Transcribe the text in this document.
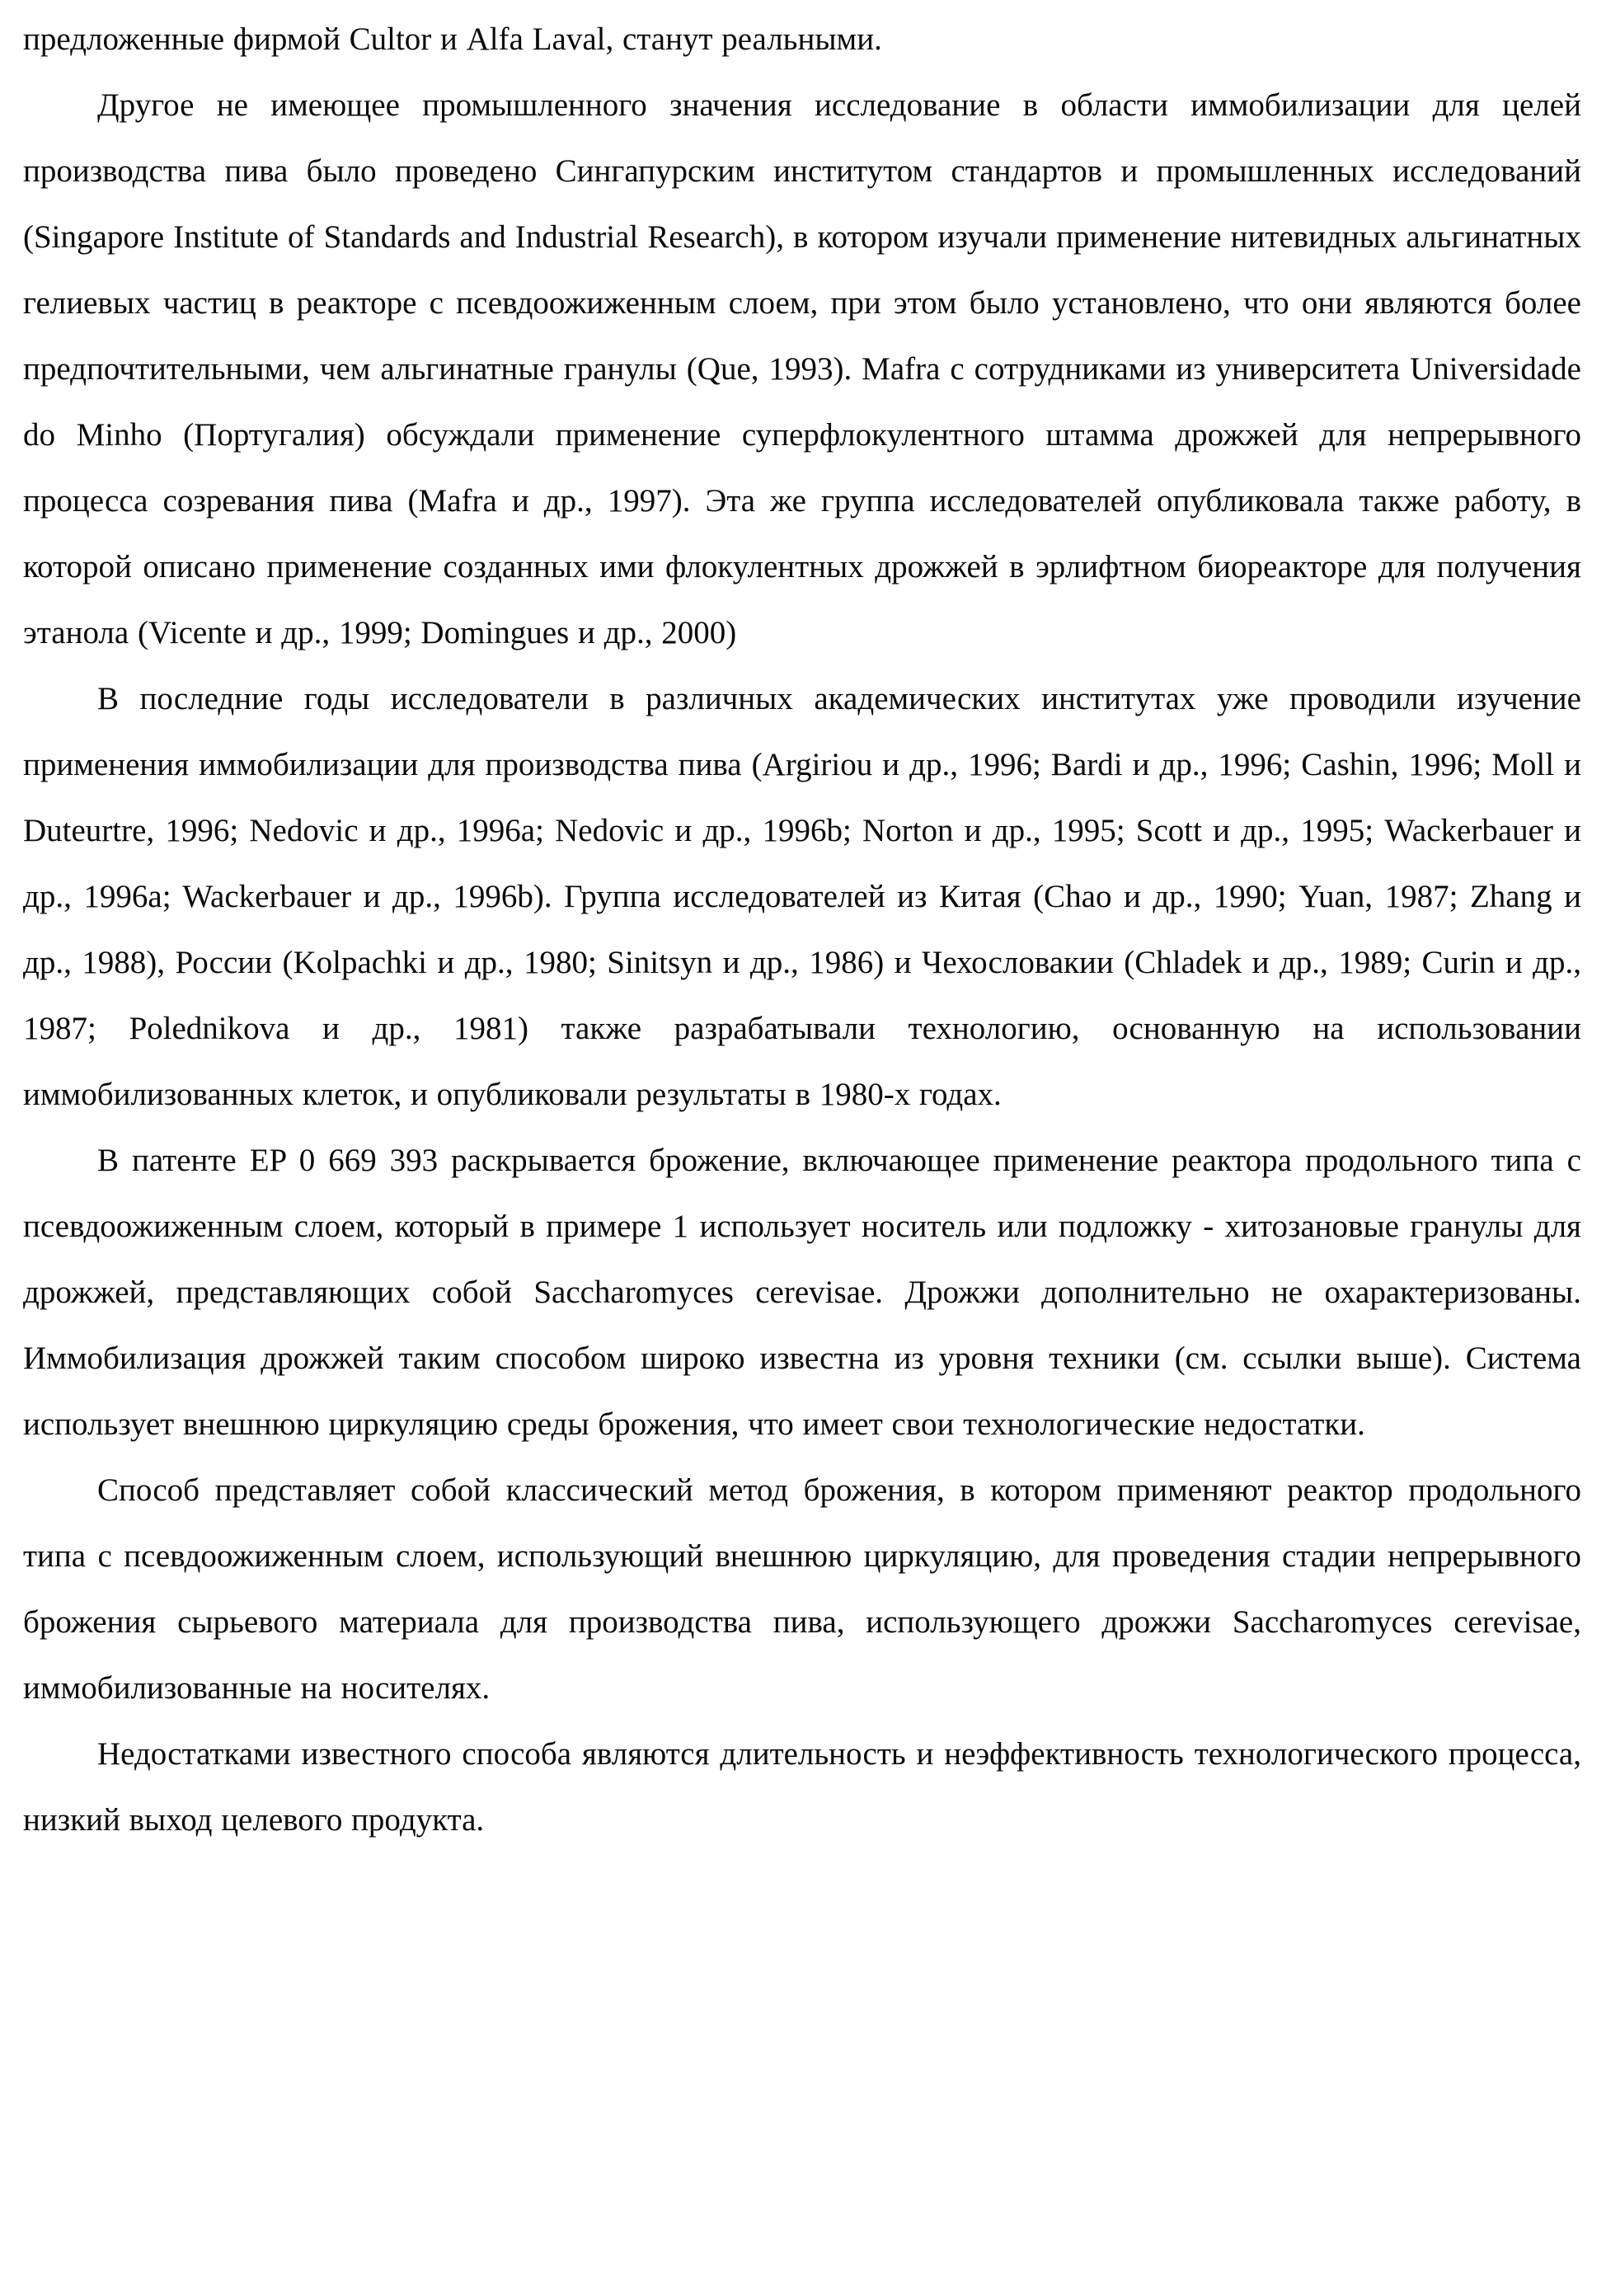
предложенные фирмой Cultor и Alfa Laval, станут реальными.

Другое не имеющее промышленного значения исследование в области иммобилизации для целей производства пива было проведено Сингапурским институтом стандартов и промышленных исследований (Singapore Institute of Standards and Industrial Research), в котором изучали применение нитевидных альгинатных гелиевых частиц в реакторе с псевдоожиженным слоем, при этом было установлено, что они являются более предпочтительными, чем альгинатные гранулы (Que, 1993). Mafra с сотрудниками из университета Universidade do Minho (Португалия) обсуждали применение суперфлокулентного штамма дрожжей для непрерывного процесса созревания пива (Mafra и др., 1997). Эта же группа исследователей опубликовала также работу, в которой описано применение созданных ими флокулентных дрожжей в эрлифтном биореакторе для получения этанола (Vicente и др., 1999; Domingues и др., 2000)

В последние годы исследователи в различных академических институтах уже проводили изучение применения иммобилизации для производства пива (Argiriou и др., 1996; Bardi и др., 1996; Cashin, 1996; Moll и Duteurtre, 1996; Nedovic и др., 1996a; Nedovic и др., 1996b; Norton и др., 1995; Scott и др., 1995; Wackerbauer и др., 1996a; Wackerbauer и др., 1996b). Группа исследователей из Китая (Chao и др., 1990; Yuan, 1987; Zhang и др., 1988), России (Kolpachki и др., 1980; Sinitsyn и др., 1986) и Чехословакии (Chladek и др., 1989; Curin и др., 1987; Polednikova и др., 1981) также разрабатывали технологию, основанную на использовании иммобилизованных клеток, и опубликовали результаты в 1980-х годах.

В патенте EP 0 669 393 раскрывается брожение, включающее применение реактора продольного типа с псевдоожиженным слоем, который в примере 1 использует носитель или подложку - хитозановые гранулы для дрожжей, представляющих собой Saccharomyces cerevisae. Дрожжи дополнительно не охарактеризованы. Иммобилизация дрожжей таким способом широко известна из уровня техники (см. ссылки выше). Система использует внешнюю циркуляцию среды брожения, что имеет свои технологические недостатки.

Способ представляет собой классический метод брожения, в котором применяют реактор продольного типа с псевдоожиженным слоем, использующий внешнюю циркуляцию, для проведения стадии непрерывного брожения сырьевого материала для производства пива, использующего дрожжи Saccharomyces cerevisae, иммобилизованные на носителях.

Недостатками известного способа являются длительность и неэффективность технологического процесса, низкий выход целевого продукта.
